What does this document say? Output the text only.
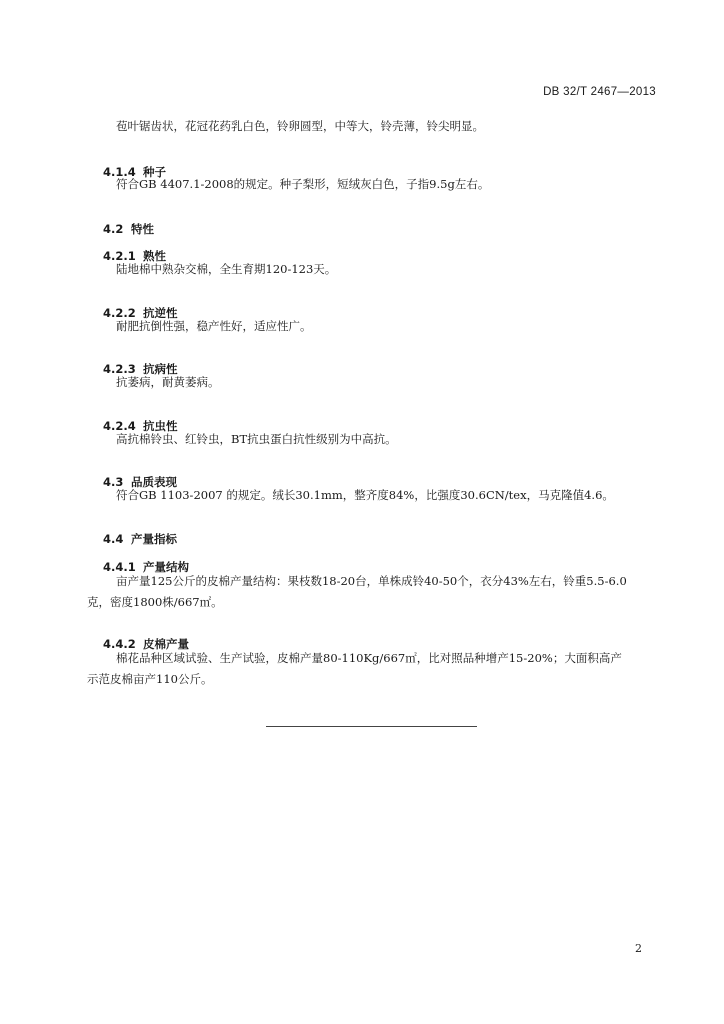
DB 32/T 2467—2013
苞叶锯齿状，花冠花药乳白色，铃卵圆型，中等大，铃壳薄，铃尖明显。

4.1.4 种子

符合GB 4407.1-2008的规定。种子梨形，短绒灰白色，子指9.5g左右。

4.2 特性

4.2.1 熟性

陆地棉中熟杂交棉，全生育期120-123天。

4.2.2 抗逆性

耐肥抗倒性强，稳产性好，适应性广。

4.2.3 抗病性

抗萎病，耐黄萎病。

4.2.4 抗虫性

高抗棉铃虫、红铃虫，BT抗虫蛋白抗性级别为中高抗。

4.3 品质表现

符合GB 1103-2007 的规定。绒长30.1mm，整齐度84%，比强度30.6CN/tex，马克隆值4.6。

4.4 产量指标

4.4.1 产量结构

亩产量125公斤的皮棉产量结构：果枝数18-20台，单株成铃40-50个，衣分43%左右，铃重5.5-6.0
克，密度1800株/667㎡。

4.4.2 皮棉产量

棉花品种区域试验、生产试验，皮棉产量80-110Kg/667㎡，比对照品种增产15-20%；大面积高产
示范皮棉亩产110公斤。
2
